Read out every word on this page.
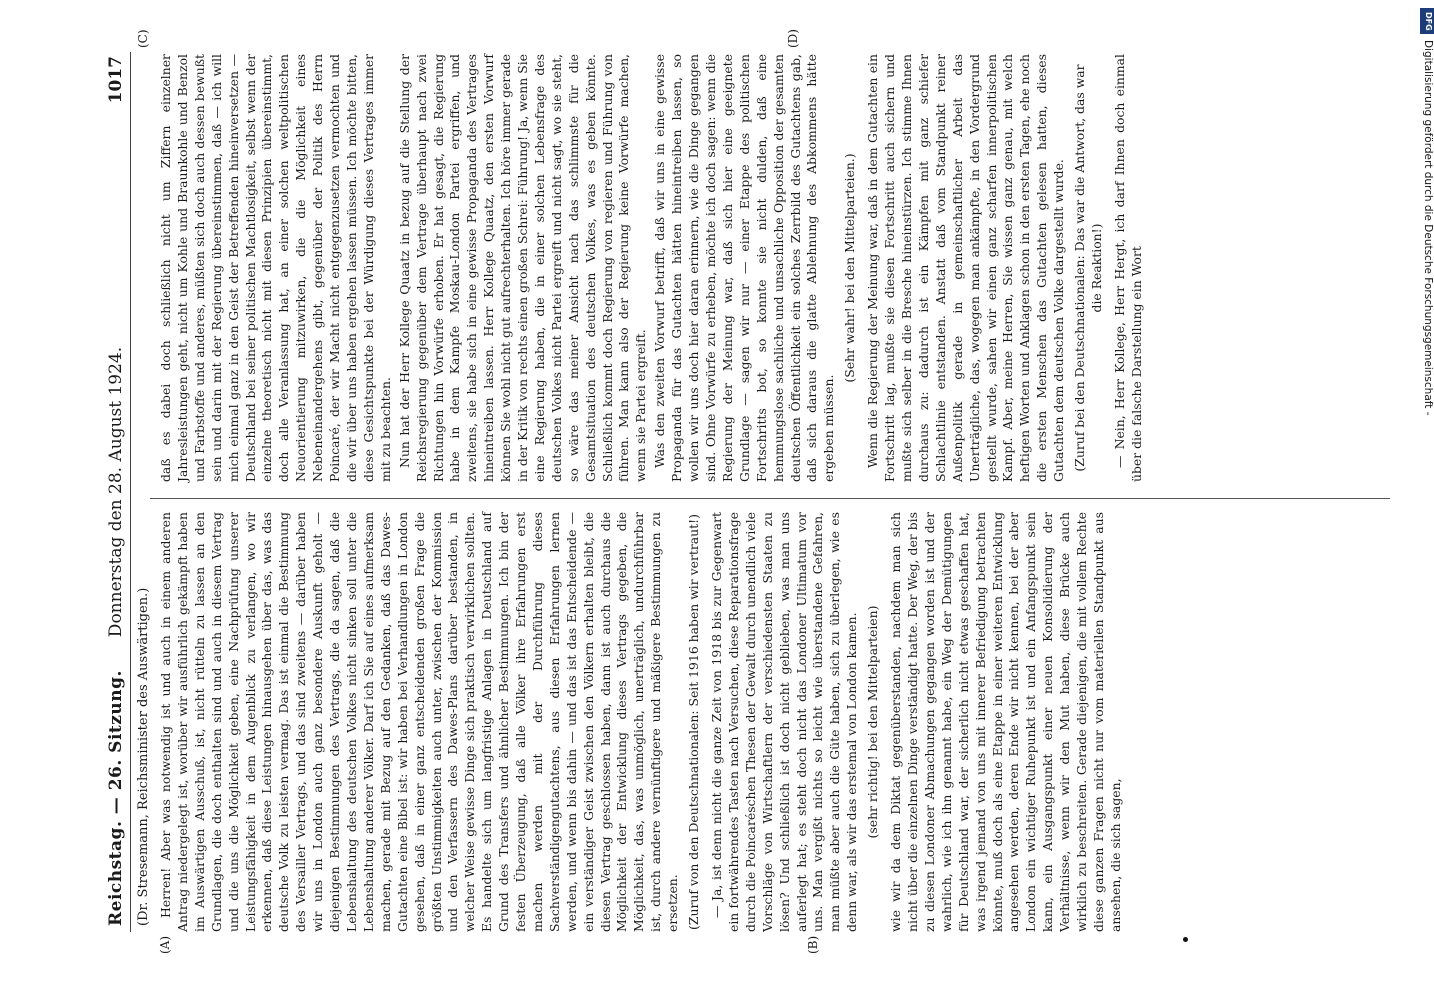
Reichstag. — 26. Sitzung.
Donnerstag den 28. August 1924.
1017
(Dr. Stresemann, Reichsminister des Auswärtigen.)
(A)	(B)
(C)	(D)

Herren! Aber was notwendig ist und auch in einem anderen Antrag niedergelegt ist, worüber wir ausführlich gekämpft haben im Auswärtigen Ausschuß, ist, nicht rütteln zu lassen an den Grundlagen, die doch enthalten sind und auch in diesem Vertrag und die uns die Möglichkeit geben, eine Nachprüfung unserer Leistungsfähigkeit in dem Augenblick zu verlangen, wo wir erkennen, daß diese Leistungen hinausgehen über das, was das deutsche Volk zu leisten vermag. Das ist einmal die Bestimmung des Versailler Vertrags, und das sind zweitens — darüber haben wir uns in London auch ganz besondere Auskunft geholt — diejenigen Bestimmungen des Vertrags, die da sagen, daß die Lebenshaltung des deutschen Volkes nicht sinken soll unter die Lebenshaltung anderer Völker. Darf ich Sie auf eines aufmerksam machen, gerade mit Bezug auf den Gedanken, daß das Dawes-Gutachten eine Bibel ist: wir haben bei Verhandlungen in London gesehen, daß in einer ganz entscheidenden großen Frage die größten Unstimmigkeiten auch unter, zwischen der Kommission und den Verfassern des Dawes-Plans darüber bestanden, in welcher Weise gewisse Dinge sich praktisch verwirklichen sollten. Es handelte sich um langfristige Anlagen in Deutschland auf Grund des Transfers und ähnlicher Bestimmungen. Ich bin der festen Überzeugung, daß alle Völker ihre Erfahrungen erst machen werden mit der Durchführung dieses Sachverständigengutachtens, aus diesen Erfahrungen lernen werden, und wenn bis dahin — und das ist das Entscheidende — ein verständiger Geist zwischen den Völkern erhalten bleibt, die diesen Vertrag geschlossen haben, dann ist auch durchaus die Möglichkeit der Entwicklung dieses Vertrags gegeben, die Möglichkeit, das, was unmöglich, unerträglich, undurchführbar ist, durch andere vernünftigere und mäßigere Bestimmungen zu ersetzen. (Zuruf von den Deutschnationalen: Seit 1916 haben wir vertraut!) — Ja, ist denn nicht die ganze Zeit von 1918 bis zur Gegenwart ein fortwährendes Tasten nach Versuchen, diese Reparationsfrage durch die Poincaréschen Thesen der Gewalt durch unendlich viele Vorschläge von Wirtschaftlern der verschiedensten Staaten zu lösen? Und schließlich ist doch nicht geblieben, was man uns auferlegt hat; es steht doch nicht das Londoner Ultimatum vor uns. Man vergißt nichts so leicht wie überstandene Gefahren, man müßte aber auch die Güte haben, sich zu überlegen, wie es denn war, als wir das erstemal von London kamen. (sehr richtig! bei den Mittelparteien) wie wir da dem Diktat gegenüberstanden, nachdem man sich nicht über die einzelnen Dinge verständigt hatte. Der Weg, der bis zu diesen Londoner Abmachungen gegangen worden ist und der wahrlich, wie ich ihn genannt habe, ein Weg der Demütigungen für Deutschland war, der sicherlich nicht etwas geschaffen hat, was irgend jemand von uns mit innerer Befriedigung betrachten könnte, muß doch als eine Etappe in einer weiteren Entwicklung angesehen werden, deren Ende wir nicht kennen, bei der aber London ein wichtiger Ruhepunkt ist und ein Anfangspunkt sein kann, ein Ausgangspunkt einer neuen Konsolidierung der Verhältnisse, wenn wir den Mut haben, diese Brücke auch wirklich zu beschreiten. Gerade diejenigen, die mit vollem Rechte diese ganzen Fragen nicht nur vom materiellen Standpunkt aus ansehen, die sich sagen,

daß es dabei doch schließlich nicht um Ziffern einzelner Jahresleistungen geht, nicht um Kohle und Braunkohle und Benzol und Farbstoffe und anderes, müßten sich doch auch dessen bewußt sein und darin mit der Regierung übereinstimmen, daß — ich will mich einmal ganz in den Geist der Betreffenden hineinversetzen — Deutschland bei seiner politischen Machtlosigkeit, selbst wenn der einzelne theoretisch nicht mit diesen Prinzipien übereinstimmt, doch alle Veranlassung hat, an einer solchen weltpolitischen Neuorientierung mitzuwirken, die die Möglichkeit eines Nebeneinandergehens gibt, gegenüber der Politik des Herrn Poincaré, der wir Macht nicht entgegenzusetzen vermochten und die wir über uns haben ergehen lassen müssen. Ich möchte bitten, diese Gesichtspunkte bei der Würdigung dieses Vertrages immer mit zu beachten. Nun hat der Herr Kollege Quaatz in bezug auf die Stellung der Reichsregierung gegenüber dem Vertrage überhaupt nach zwei Richtungen hin Vorwürfe erhoben. Er hat gesagt, die Regierung habe in dem Kampfe Moskau-London Partei ergriffen, und zweitens, sie habe sich in eine gewisse Propaganda des Vertrages hineintreiben lassen. Herr Kollege Quaatz, den ersten Vorwurf können Sie wohl nicht gut aufrechterhalten. Ich höre immer gerade in der Kritik von rechts einen großen Schrei: Führung! Ja, wenn Sie eine Regierung haben, die in einer solchen Lebensfrage des deutschen Volkes nicht Partei ergreift und nicht sagt, wo sie steht, so wäre das meiner Ansicht nach das schlimmste für die Gesamtsituation des deutschen Volkes, was es geben könnte. Schließlich kommt doch Regierung von regieren und Führung von führen. Man kann also der Regierung keine Vorwürfe machen, wenn sie Partei ergreift. Was den zweiten Vorwurf betrifft, daß wir uns in eine gewisse Propaganda für das Gutachten hätten hineintreiben lassen, so wollen wir uns doch hier daran erinnern, wie die Dinge gegangen sind. Ohne Vorwürfe zu erheben, möchte ich doch sagen: wenn die Regierung der Meinung war, daß sich hier eine geeignete Grundlage — sagen wir nur — einer Etappe des politischen Fortschritts bot, so konnte sie nicht dulden, daß eine hemmungslose sachliche und unsachliche Opposition der gesamten deutschen Öffentlichkeit ein solches Zerrbild des Gutachtens gab, daß sich daraus die glatte Ablehnung des Abkommens hätte ergeben müssen.

(Sehr wahr! bei den Mittelparteien.) Wenn die Regierung der Meinung war, daß in dem Gutachten ein Fortschritt lag, mußte sie diesen Fortschritt auch sichern und mußte sich selber in die Bresche hineinstürzen. Ich stimme Ihnen durchaus zu: dadurch ist ein Kämpfen mit ganz schiefer Schlachtlinie entstanden. Anstatt daß vom Standpunkt reiner Außenpolitik gerade in gemeinschaftlicher Arbeit das Unerträgliche, das, wogegen man ankämpfte, in den Vordergrund gestellt wurde, sahen wir einen ganz scharfen innerpolitischen Kampf. Aber, meine Herren, Sie wissen ganz genau, mit welch heftigen Worten und Anklagen schon in den ersten Tagen, ehe noch die ersten Menschen das Gutachten gelesen hatten, dieses Gutachten dem deutschen Volke dargestellt wurde. (Zuruf bei den Deutschnationalen: Das war die Antwort, das war die Reaktion!) — Nein, Herr Kollege, Herr Hergt, ich darf Ihnen doch einmal über die falsche Darstellung ein Wort

DFG
Digitalisierung gefördert durch die Deutsche Forschungsgemeinschaft -
